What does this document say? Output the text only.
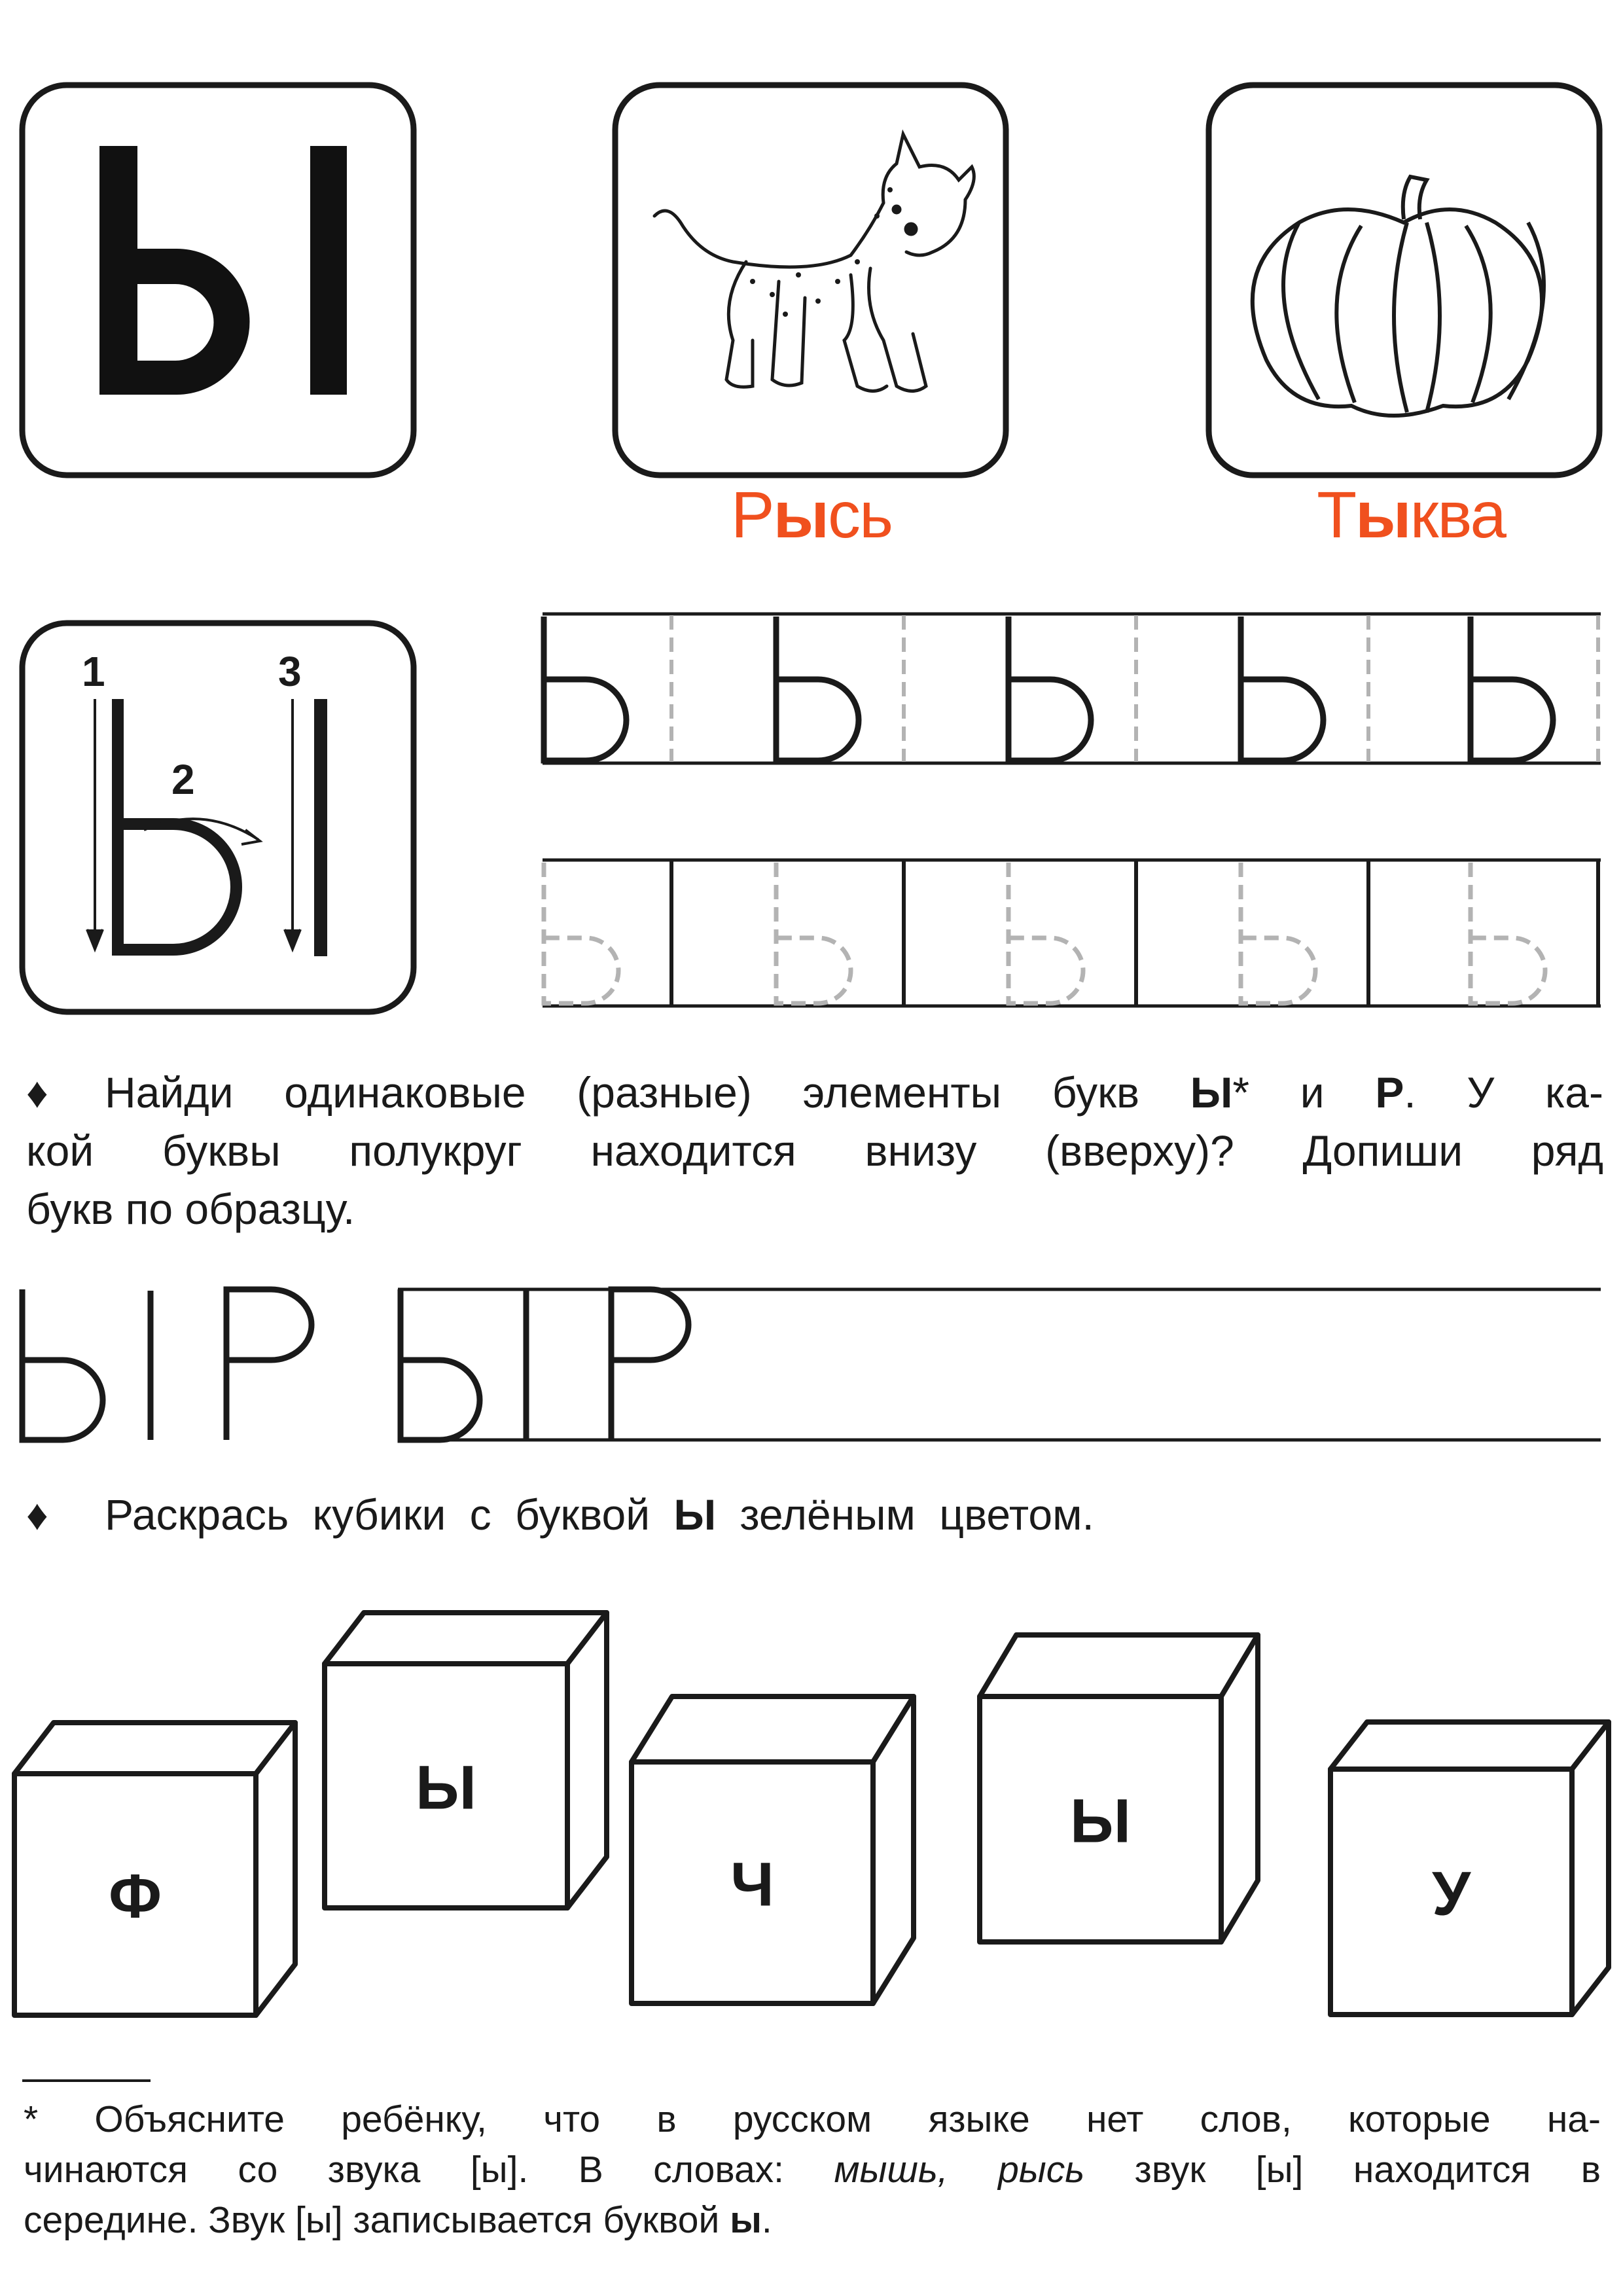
1
2
3
Ф
Ы
Ч
Ы
У
Рысь	Тыква
♦ Найди одинаковые (разные) элементы букв Ы* и Р. У ка-
кой буквы полукруг находится внизу (вверху)? Допиши ряд
букв по образцу.
♦ Раскрась кубики с буквой Ы зелёным цветом.
* Объясните ребёнку, что в русском языке нет слов, которые на-
чинаются со звука [ы]. В словах: мышь, рысь звук [ы] находится в
середине. Звук [ы] записывается буквой ы.
